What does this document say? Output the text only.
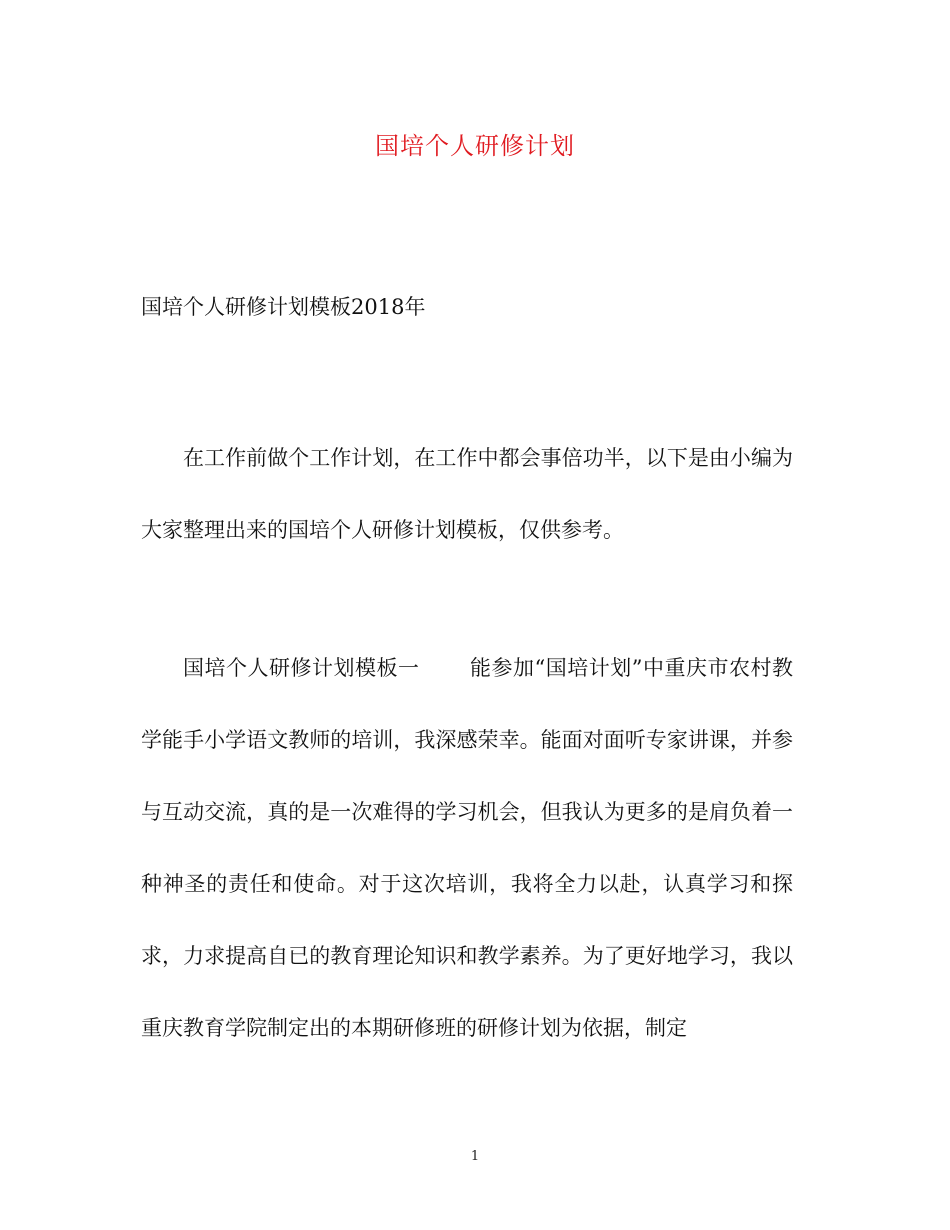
国培个人研修计划
国培个人研修计划模板2018年

在工作前做个工作计划，在工作中都会事倍功半，以下是由小编为大家整理出来的国培个人研修计划模板，仅供参考。

国培个人研修计划模板一 能参加“国培计划”中重庆市农村教学能手小学语文教师的培训，我深感荣幸。能面对面听专家讲课，并参与互动交流，真的是一次难得的学习机会，但我认为更多的是肩负着一种神圣的责任和使命。对于这次培训，我将全力以赴，认真学习和探求，力求提高自已的教育理论知识和教学素养。为了更好地学习，我以重庆教育学院制定出的本期研修班的研修计划为依据，制定

1
